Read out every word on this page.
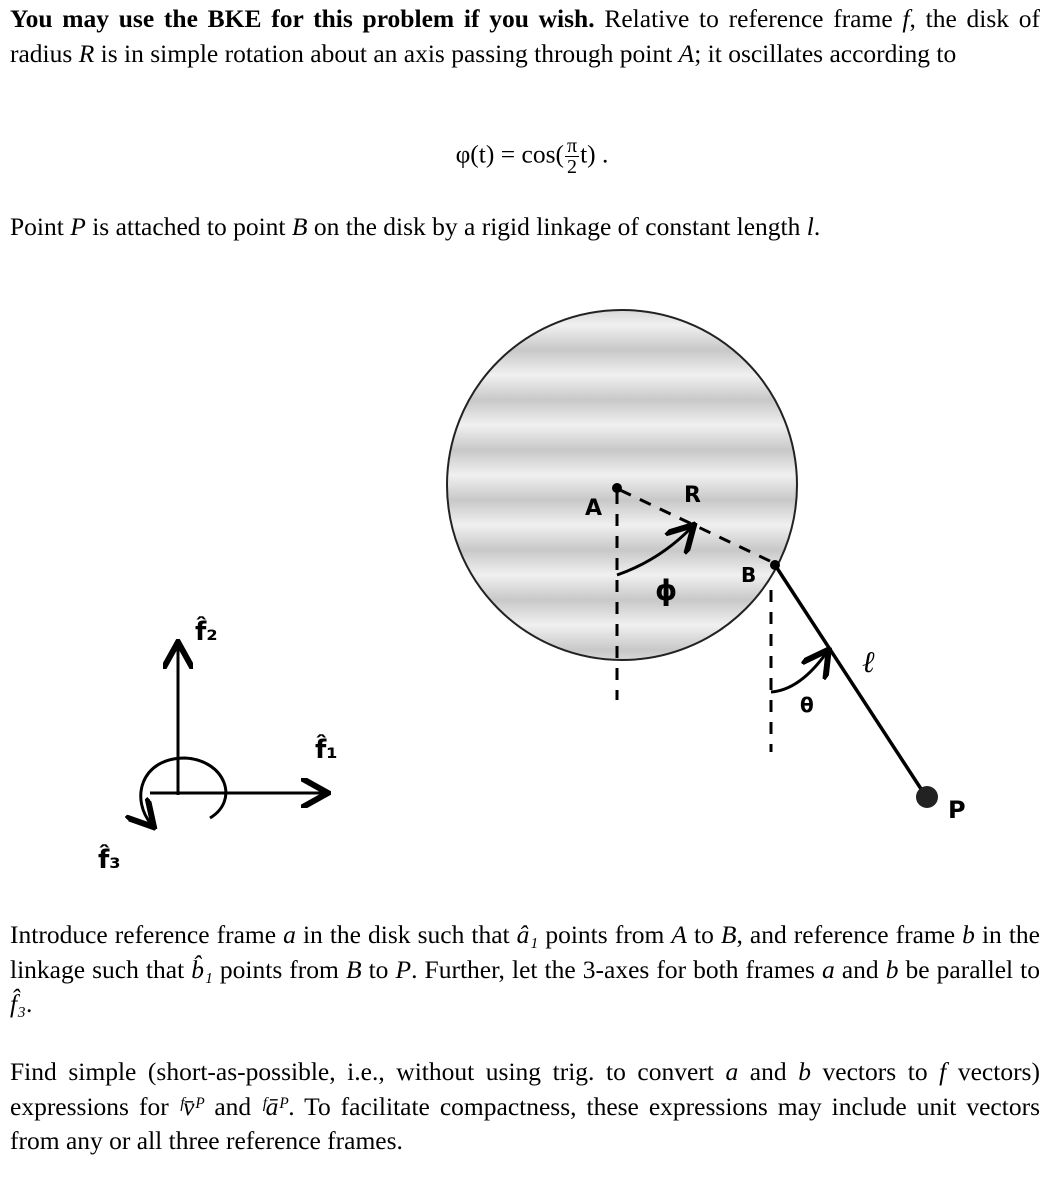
You may use the BKE for this problem if you wish. Relative to reference frame f, the disk of radius R is in simple rotation about an axis passing through point A; it oscillates according to
$\varphi(t) = \cos( \frac{\pi}{2} t)$ .
Point P is attached to point B on the disk by a rigid linkage of constant length l.
A
R
B
ϕ
ℓ
θ
P
f̂₂
f̂₁
f̂₃
Introduce reference frame a in the disk such that â₁ points from A to B, and reference frame b in the linkage such that b̂₁ points from B to P. Further, let the 3-axes for both frames a and b be parallel to f̂₃.
Find simple (short-as-possible, i.e., without using trig. to convert a and b vectors to f vectors) expressions for ᶠv̄ᴾ and ᶠāᴾ. To facilitate compactness, these expressions may include unit vectors from any or all three reference frames.
